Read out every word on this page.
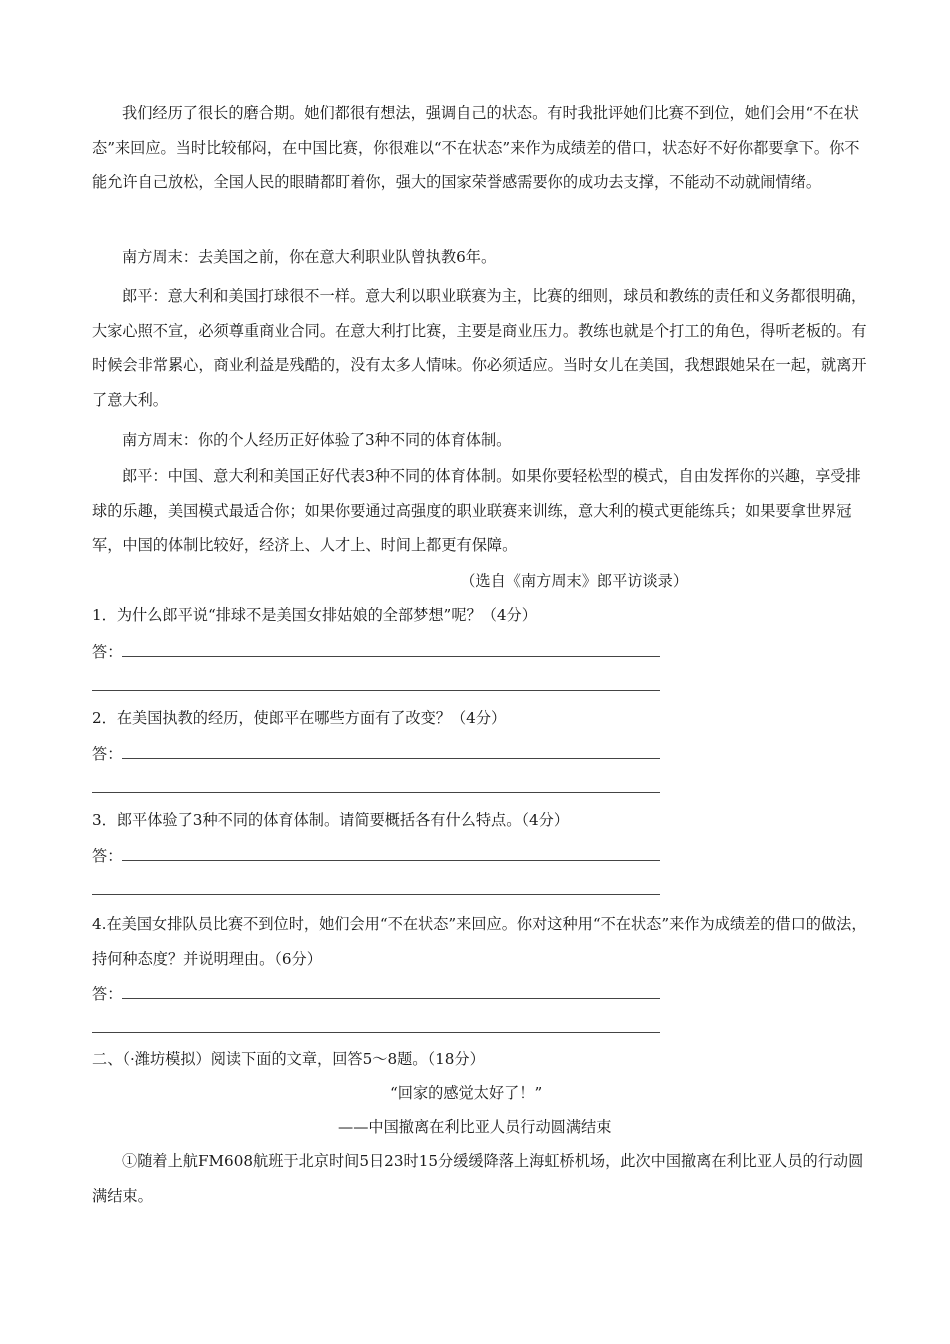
我们经历了很长的磨合期。她们都很有想法，强调自己的状态。有时我批评她们比赛不到位，她们会用“不在状态”来回应。当时比较郁闷，在中国比赛，你很难以“不在状态”来作为成绩差的借口，状态好不好你都要拿下。你不能允许自己放松，全国人民的眼睛都盯着你，强大的国家荣誉感需要你的成功去支撑，不能动不动就闹情绪。

南方周末：去美国之前，你在意大利职业队曾执教6年。

郎平：意大利和美国打球很不一样。意大利以职业联赛为主，比赛的细则，球员和教练的责任和义务都很明确，大家心照不宣，必须尊重商业合同。在意大利打比赛，主要是商业压力。教练也就是个打工的角色，得听老板的。有时候会非常累心，商业利益是残酷的，没有太多人情味。你必须适应。当时女儿在美国，我想跟她呆在一起，就离开了意大利。

南方周末：你的个人经历正好体验了3种不同的体育体制。

郎平：中国、意大利和美国正好代表3种不同的体育体制。如果你要轻松型的模式，自由发挥你的兴趣，享受排球的乐趣，美国模式最适合你；如果你要通过高强度的职业联赛来训练，意大利的模式更能练兵；如果要拿世界冠军，中国的体制比较好，经济上、人才上、时间上都更有保障。

（选自《南方周末》郎平访谈录）

1．为什么郎平说“排球不是美国女排姑娘的全部梦想”呢？（4分）

答：

2．在美国执教的经历，使郎平在哪些方面有了改变？（4分）

答：

3．郎平体验了3种不同的体育体制。请简要概括各有什么特点。（4分）

答：

4.在美国女排队员比赛不到位时，她们会用“不在状态”来回应。你对这种用“不在状态”来作为成绩差的借口的做法，持何种态度？并说明理由。（6分）

答：

二、（·潍坊模拟）阅读下面的文章，回答5～8题。（18分）

“回家的感觉太好了！”

——中国撤离在利比亚人员行动圆满结束

①随着上航FM608航班于北京时间5日23时15分缓缓降落上海虹桥机场，此次中国撤离在利比亚人员的行动圆满结束。
